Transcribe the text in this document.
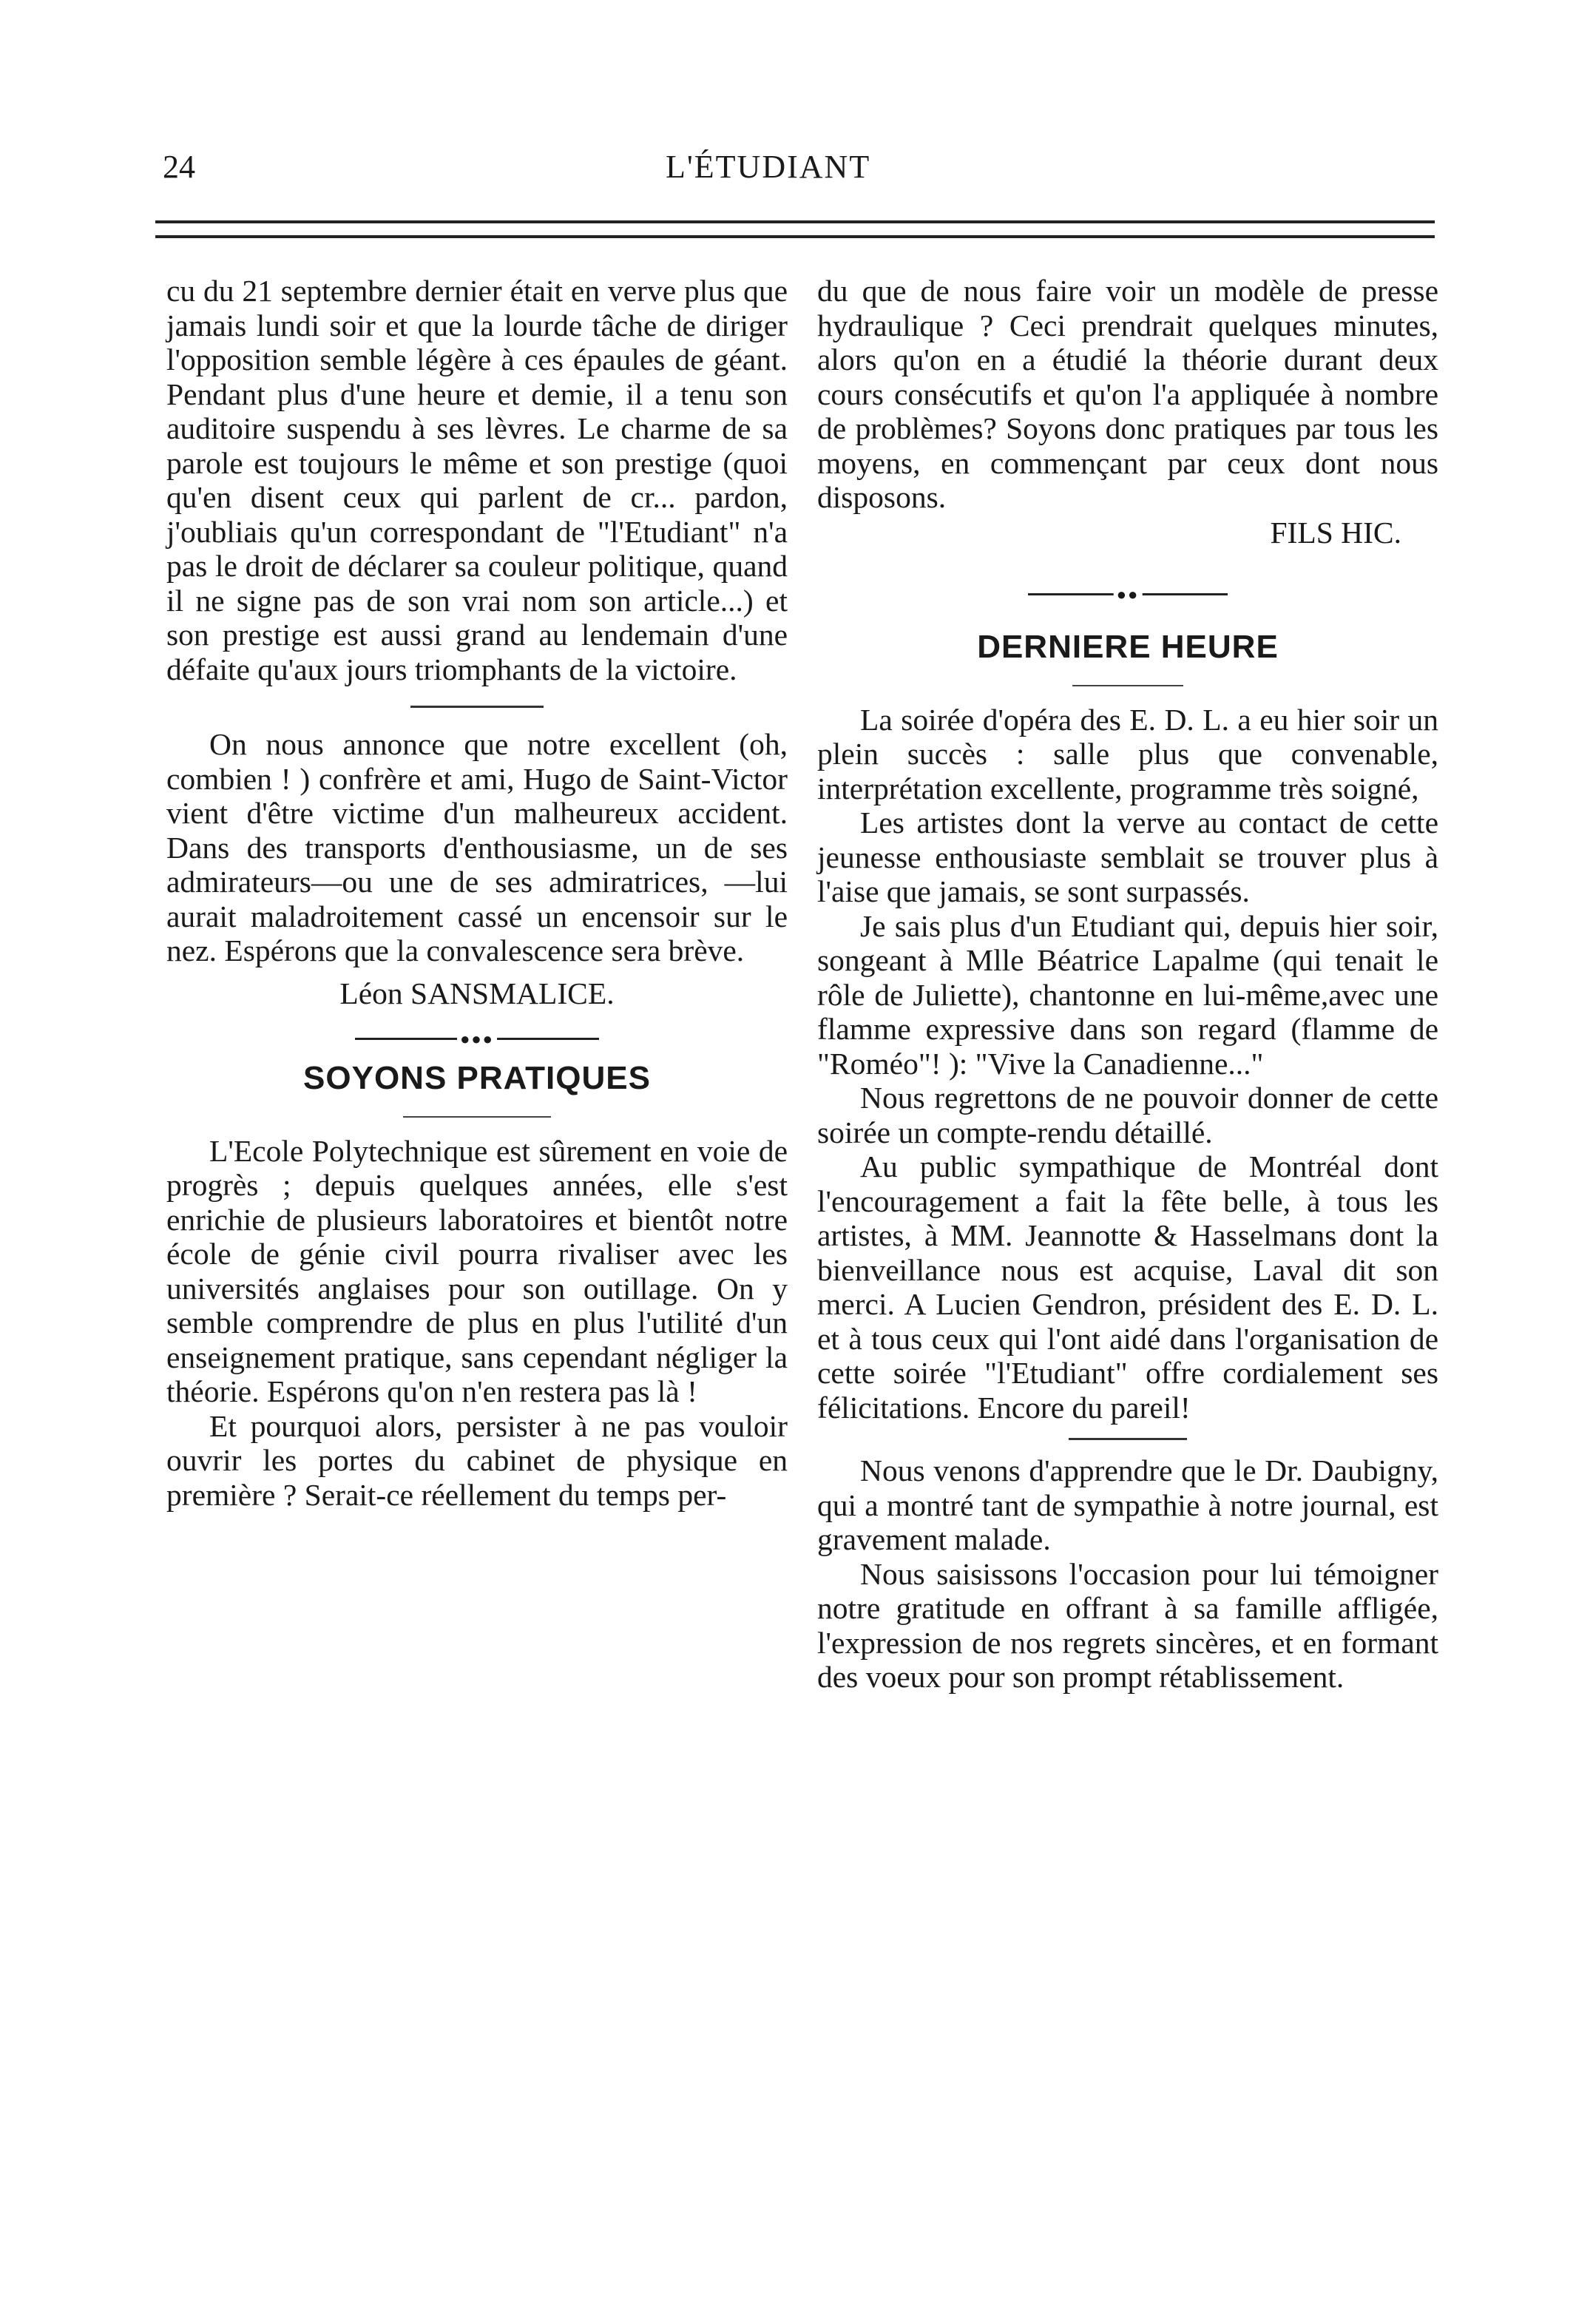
24	L'ÉTUDIANT

cu du 21 septembre dernier était en verve plus que jamais lundi soir et que la lourde tâche de diriger l'opposition semble légère à ces épaules de géant. Pendant plus d'une heure et demie, il a tenu son auditoire suspendu à ses lèvres. Le charme de sa parole est toujours le même et son prestige (quoi qu'en disent ceux qui parlent de cr... pardon, j'oubliais qu'un correspondant de "l'Etudiant" n'a pas le droit de déclarer sa couleur politique, quand il ne signe pas de son vrai nom son article...) et son prestige est aussi grand au lendemain d'une défaite qu'aux jours triomphants de la victoire.

On nous annonce que notre excellent (oh, combien ! ) confrère et ami, Hugo de Saint-Victor vient d'être victime d'un malheureux accident. Dans des transports d'enthousiasme, un de ses admirateurs—ou une de ses admiratrices, —lui aurait maladroitement cassé un encensoir sur le nez. Espérons que la convalescence sera brève.

Léon SANSMALICE.
●●●
SOYONS PRATIQUES

L'Ecole Polytechnique est sûrement en voie de progrès ; depuis quelques années, elle s'est enrichie de plusieurs laboratoires et bientôt notre école de génie civil pourra rivaliser avec les universités anglaises pour son outillage. On y semble comprendre de plus en plus l'utilité d'un enseignement pratique, sans cependant négliger la théorie. Espérons qu'on n'en restera pas là !

Et pourquoi alors, persister à ne pas vouloir ouvrir les portes du cabinet de physique en première ? Serait-ce réellement du temps per-

du que de nous faire voir un modèle de presse hydraulique ? Ceci prendrait quelques minutes, alors qu'on en a étudié la théorie durant deux cours consécutifs et qu'on l'a appliquée à nombre de problèmes? Soyons donc pratiques par tous les moyens, en commençant par ceux dont nous disposons.

FILS HIC.
●●
DERNIERE HEURE

La soirée d'opéra des E. D. L. a eu hier soir un plein succès : salle plus que convenable, interprétation excellente, programme très soigné,

Les artistes dont la verve au contact de cette jeunesse enthousiaste semblait se trouver plus à l'aise que jamais, se sont surpassés.

Je sais plus d'un Etudiant qui, depuis hier soir, songeant à Mlle Béatrice Lapalme (qui tenait le rôle de Juliette), chantonne en lui-même,avec une flamme expressive dans son regard (flamme de "Roméo"! ): "Vive la Canadienne..."

Nous regrettons de ne pouvoir donner de cette soirée un compte-rendu détaillé.

Au public sympathique de Montréal dont l'encouragement a fait la fête belle, à tous les artistes, à MM. Jeannotte & Hasselmans dont la bienveillance nous est acquise, Laval dit son merci. A Lucien Gendron, président des E. D. L. et à tous ceux qui l'ont aidé dans l'organisation de cette soirée "l'Etudiant" offre cordialement ses félicitations. Encore du pareil!

Nous venons d'apprendre que le Dr. Daubigny, qui a montré tant de sympathie à notre journal, est gravement malade.

Nous saisissons l'occasion pour lui témoigner notre gratitude en offrant à sa famille affligée, l'expression de nos regrets sincères, et en formant des voeux pour son prompt rétablissement.
